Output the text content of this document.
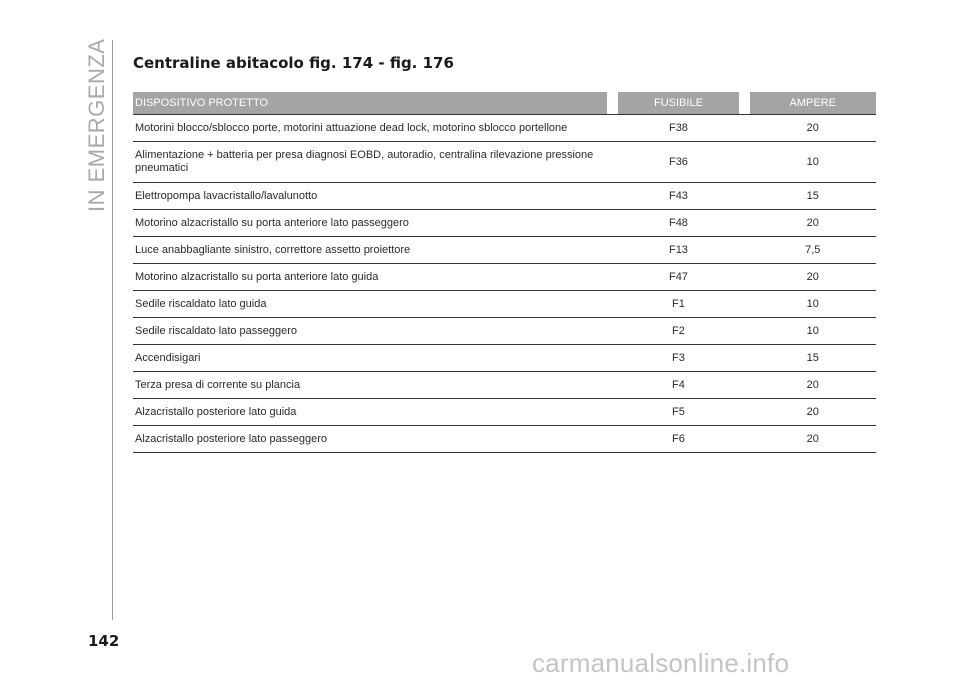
IN EMERGENZA Centraline abitacolo fig. 174 - fig. 176
DISPOSITIVO PROTETTO		FUSIBILE		AMPERE
Motorini blocco/sblocco porte, motorini attuazione dead lock, motorino sblocco portellone		F38		20
Alimentazione + batteria per presa diagnosi EOBD, autoradio, centralina rilevazione pressione pneumatici		F36		10
Elettropompa lavacristallo/lavalunotto		F43		15
Motorino alzacristallo su porta anteriore lato passeggero		F48		20
Luce anabbagliante sinistro, correttore assetto proiettore		F13		7,5
Motorino alzacristallo su porta anteriore lato guida		F47		20
Sedile riscaldato lato guida		F1		10
Sedile riscaldato lato passeggero		F2		10
Accendisigari		F3		15
Terza presa di corrente su plancia		F4		20
Alzacristallo posteriore lato guida		F5		20
Alzacristallo posteriore lato passeggero		F6		20
142
carmanualsonline.info
